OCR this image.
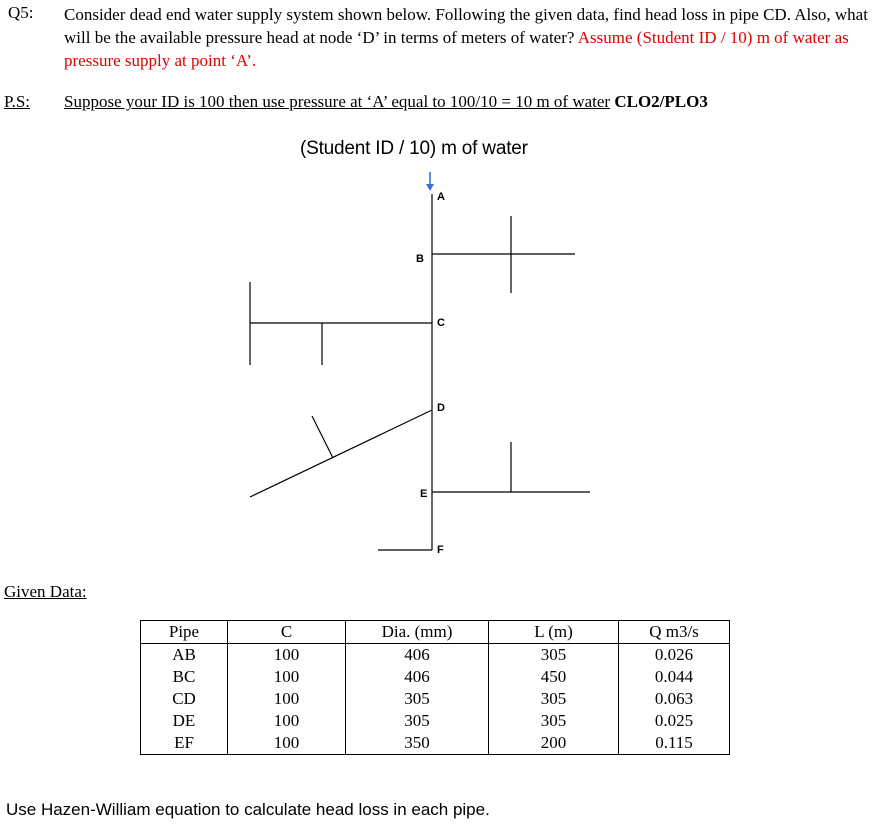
Q5: Consider dead end water supply system shown below. Following the given data, find head loss in pipe CD. Also, what will be the available pressure head at node ‘D’ in terms of meters of water? Assume (Student ID / 10) m of water as pressure supply at point ‘A’.
P.S: Suppose your ID is 100 then use pressure at ‘A’ equal to 100/10 = 10 m of water CLO2/PLO3
(Student ID / 10) m of water
A
B
C
D
E
F
Given Data:
Pipe	C	Dia. (mm)	L (m)	Q m3/s
AB	100	406	305	0.026
BC	100	406	450	0.044
CD	100	305	305	0.063
DE	100	305	305	0.025
EF	100	350	200	0.115
Use Hazen-William equation to calculate head loss in each pipe.
